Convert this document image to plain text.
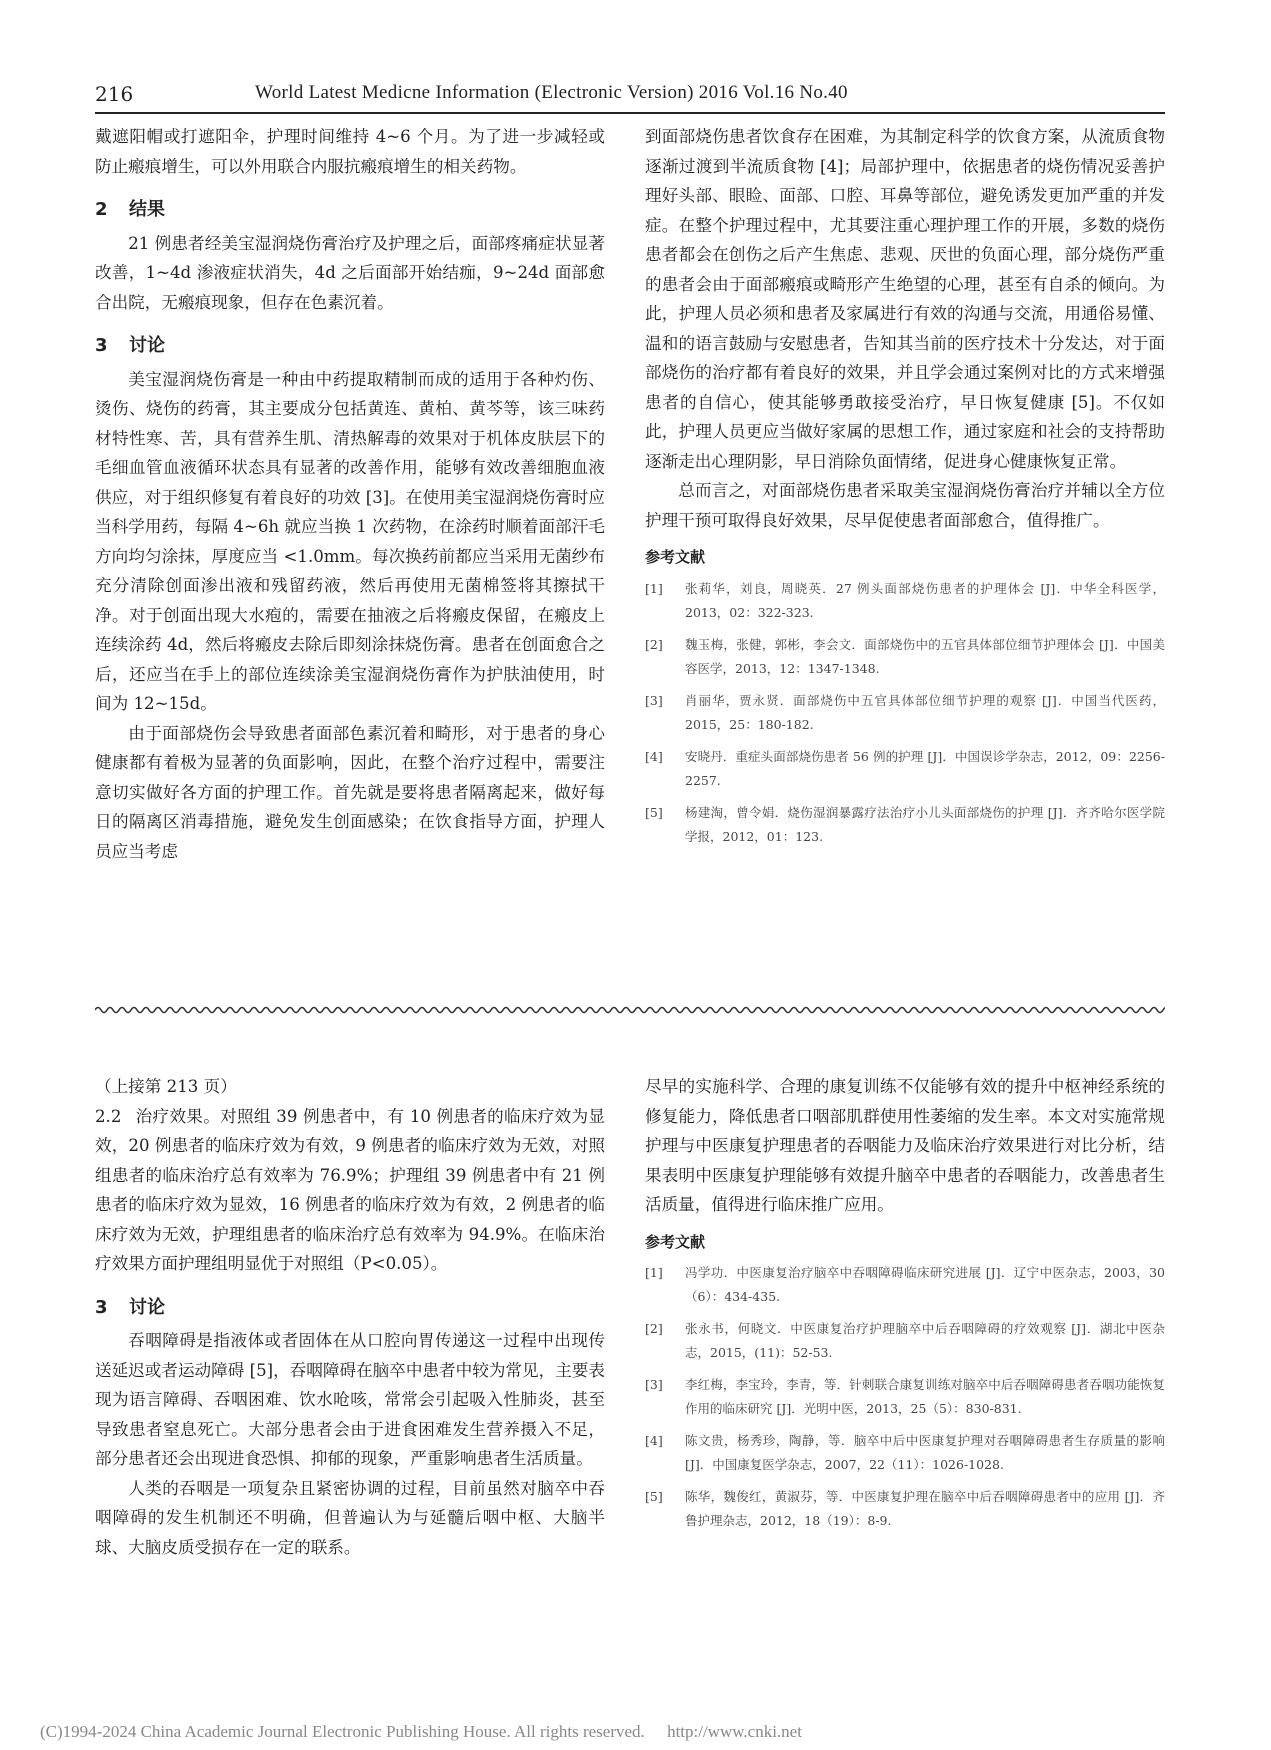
216	World Latest Medicne Information (Electronic Version) 2016 Vol.16 No.40

戴遮阳帽或打遮阳伞，护理时间维持 4~6 个月。为了进一步减轻或防止瘢痕增生，可以外用联合内服抗瘢痕增生的相关药物。

2 结果

21 例患者经美宝湿润烧伤膏治疗及护理之后，面部疼痛症状显著改善，1~4d 渗液症状消失，4d 之后面部开始结痂，9~24d 面部愈合出院，无瘢痕现象，但存在色素沉着。

3 讨论

美宝湿润烧伤膏是一种由中药提取精制而成的适用于各种灼伤、烫伤、烧伤的药膏，其主要成分包括黄连、黄柏、黄芩等，该三味药材特性寒、苦，具有营养生肌、清热解毒的效果对于机体皮肤层下的毛细血管血液循环状态具有显著的改善作用，能够有效改善细胞血液供应，对于组织修复有着良好的功效 [3]。在使用美宝湿润烧伤膏时应当科学用药，每隔 4~6h 就应当换 1 次药物，在涂药时顺着面部汗毛方向均匀涂抹，厚度应当 <1.0mm。每次换药前都应当采用无菌纱布充分清除创面渗出液和残留药液，然后再使用无菌棉签将其擦拭干净。对于创面出现大水疱的，需要在抽液之后将瘢皮保留，在瘢皮上连续涂药 4d，然后将瘢皮去除后即刻涂抹烧伤膏。患者在创面愈合之后，还应当在手上的部位连续涂美宝湿润烧伤膏作为护肤油使用，时间为 12~15d。

由于面部烧伤会导致患者面部色素沉着和畸形，对于患者的身心健康都有着极为显著的负面影响，因此，在整个治疗过程中，需要注意切实做好各方面的护理工作。首先就是要将患者隔离起来，做好每日的隔离区消毒措施，避免发生创面感染；在饮食指导方面，护理人员应当考虑

到面部烧伤患者饮食存在困难，为其制定科学的饮食方案，从流质食物逐渐过渡到半流质食物 [4]；局部护理中，依据患者的烧伤情况妥善护理好头部、眼睑、面部、口腔、耳鼻等部位，避免诱发更加严重的并发症。在整个护理过程中，尤其要注重心理护理工作的开展，多数的烧伤患者都会在创伤之后产生焦虑、悲观、厌世的负面心理，部分烧伤严重的患者会由于面部瘢痕或畸形产生绝望的心理，甚至有自杀的倾向。为此，护理人员必须和患者及家属进行有效的沟通与交流，用通俗易懂、温和的语言鼓励与安慰患者，告知其当前的医疗技术十分发达，对于面部烧伤的治疗都有着良好的效果，并且学会通过案例对比的方式来增强患者的自信心，使其能够勇敢接受治疗，早日恢复健康 [5]。不仅如此，护理人员更应当做好家属的思想工作，通过家庭和社会的支持帮助逐渐走出心理阴影，早日消除负面情绪，促进身心健康恢复正常。

总而言之，对面部烧伤患者采取美宝湿润烧伤膏治疗并辅以全方位护理干预可取得良好效果，尽早促使患者面部愈合，值得推广。

参考文献

[1]	张莉华，刘良，周晓英．27 例头面部烧伤患者的护理体会 [J]．中华全科医学，2013，02：322-323.
[2]	魏玉梅，张健，郭彬，李会文．面部烧伤中的五官具体部位细节护理体会 [J]．中国美容医学，2013，12：1347-1348.
[3]	肖丽华，贾永贤．面部烧伤中五官具体部位细节护理的观察 [J]．中国当代医药，2015，25：180-182.
[4]	安晓丹．重症头面部烧伤患者 56 例的护理 [J]．中国误诊学杂志，2012，09：2256-2257.
[5]	杨建淘，曾令娟．烧伤湿润暴露疗法治疗小儿头面部烧伤的护理 [J]．齐齐哈尔医学院学报，2012，01：123.

（上接第 213 页）

2.2 治疗效果。对照组 39 例患者中，有 10 例患者的临床疗效为显效，20 例患者的临床疗效为有效，9 例患者的临床疗效为无效，对照组患者的临床治疗总有效率为 76.9%；护理组 39 例患者中有 21 例患者的临床疗效为显效，16 例患者的临床疗效为有效，2 例患者的临床疗效为无效，护理组患者的临床治疗总有效率为 94.9%。在临床治疗效果方面护理组明显优于对照组（P<0.05）。

3 讨论

吞咽障碍是指液体或者固体在从口腔向胃传递这一过程中出现传送延迟或者运动障碍 [5]，吞咽障碍在脑卒中患者中较为常见，主要表现为语言障碍、吞咽困难、饮水呛咳，常常会引起吸入性肺炎，甚至导致患者窒息死亡。大部分患者会由于进食困难发生营养摄入不足，部分患者还会出现进食恐惧、抑郁的现象，严重影响患者生活质量。

人类的吞咽是一项复杂且紧密协调的过程，目前虽然对脑卒中吞咽障碍的发生机制还不明确，但普遍认为与延髓后咽中枢、大脑半球、大脑皮质受损存在一定的联系。

尽早的实施科学、合理的康复训练不仅能够有效的提升中枢神经系统的修复能力，降低患者口咽部肌群使用性萎缩的发生率。本文对实施常规护理与中医康复护理患者的吞咽能力及临床治疗效果进行对比分析，结果表明中医康复护理能够有效提升脑卒中患者的吞咽能力，改善患者生活质量，值得进行临床推广应用。

参考文献

[1]	冯学功．中医康复治疗脑卒中吞咽障碍临床研究进展 [J]．辽宁中医杂志，2003，30（6）：434-435.
[2]	张永书，何晓文．中医康复治疗护理脑卒中后吞咽障碍的疗效观察 [J]．湖北中医杂志，2015，(11)：52-53.
[3]	李红梅，李宝玲，李青，等．针刺联合康复训练对脑卒中后吞咽障碍患者吞咽功能恢复作用的临床研究 [J]．光明中医，2013，25（5）：830-831.
[4]	陈文贵，杨秀珍，陶静，等．脑卒中后中医康复护理对吞咽障碍患者生存质量的影响 [J]．中国康复医学杂志，2007，22（11）：1026-1028.
[5]	陈华，魏俊红，黄淑芬，等．中医康复护理在脑卒中后吞咽障碍患者中的应用 [J]．齐鲁护理杂志，2012，18（19）：8-9.
(C)1994-2024 China Academic Journal Electronic Publishing House. All rights reserved. http://www.cnki.net
